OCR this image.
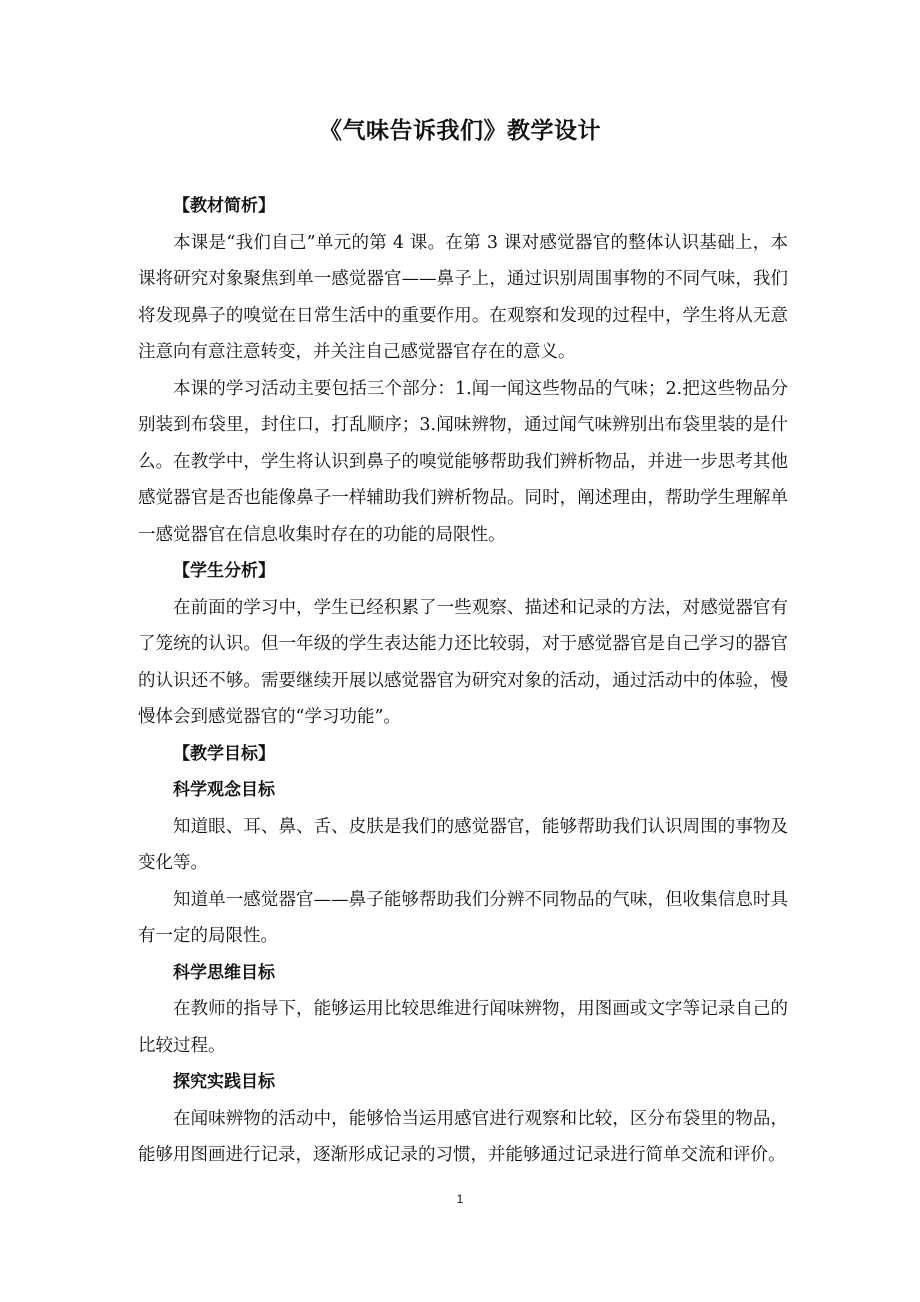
《气味告诉我们》教学设计

【教材简析】

本课是“我们自己”单元的第 4 课。在第 3 课对感觉器官的整体认识基础上，本课将研究对象聚焦到单一感觉器官——鼻子上，通过识别周围事物的不同气味，我们将发现鼻子的嗅觉在日常生活中的重要作用。在观察和发现的过程中，学生将从无意注意向有意注意转变，并关注自己感觉器官存在的意义。

本课的学习活动主要包括三个部分：1.闻一闻这些物品的气味；2.把这些物品分别装到布袋里，封住口，打乱顺序；3.闻味辨物，通过闻气味辨别出布袋里装的是什么。在教学中，学生将认识到鼻子的嗅觉能够帮助我们辨析物品，并进一步思考其他感觉器官是否也能像鼻子一样辅助我们辨析物品。同时，阐述理由，帮助学生理解单一感觉器官在信息收集时存在的功能的局限性。

【学生分析】

在前面的学习中，学生已经积累了一些观察、描述和记录的方法，对感觉器官有了笼统的认识。但一年级的学生表达能力还比较弱，对于感觉器官是自己学习的器官的认识还不够。需要继续开展以感觉器官为研究对象的活动，通过活动中的体验，慢慢体会到感觉器官的“学习功能”。

【教学目标】

科学观念目标

知道眼、耳、鼻、舌、皮肤是我们的感觉器官，能够帮助我们认识周围的事物及变化等。

知道单一感觉器官——鼻子能够帮助我们分辨不同物品的气味，但收集信息时具有一定的局限性。

科学思维目标

在教师的指导下，能够运用比较思维进行闻味辨物，用图画或文字等记录自己的比较过程。

探究实践目标

在闻味辨物的活动中，能够恰当运用感官进行观察和比较，区分布袋里的物品，能够用图画进行记录，逐渐形成记录的习惯，并能够通过记录进行简单交流和评价。

1
